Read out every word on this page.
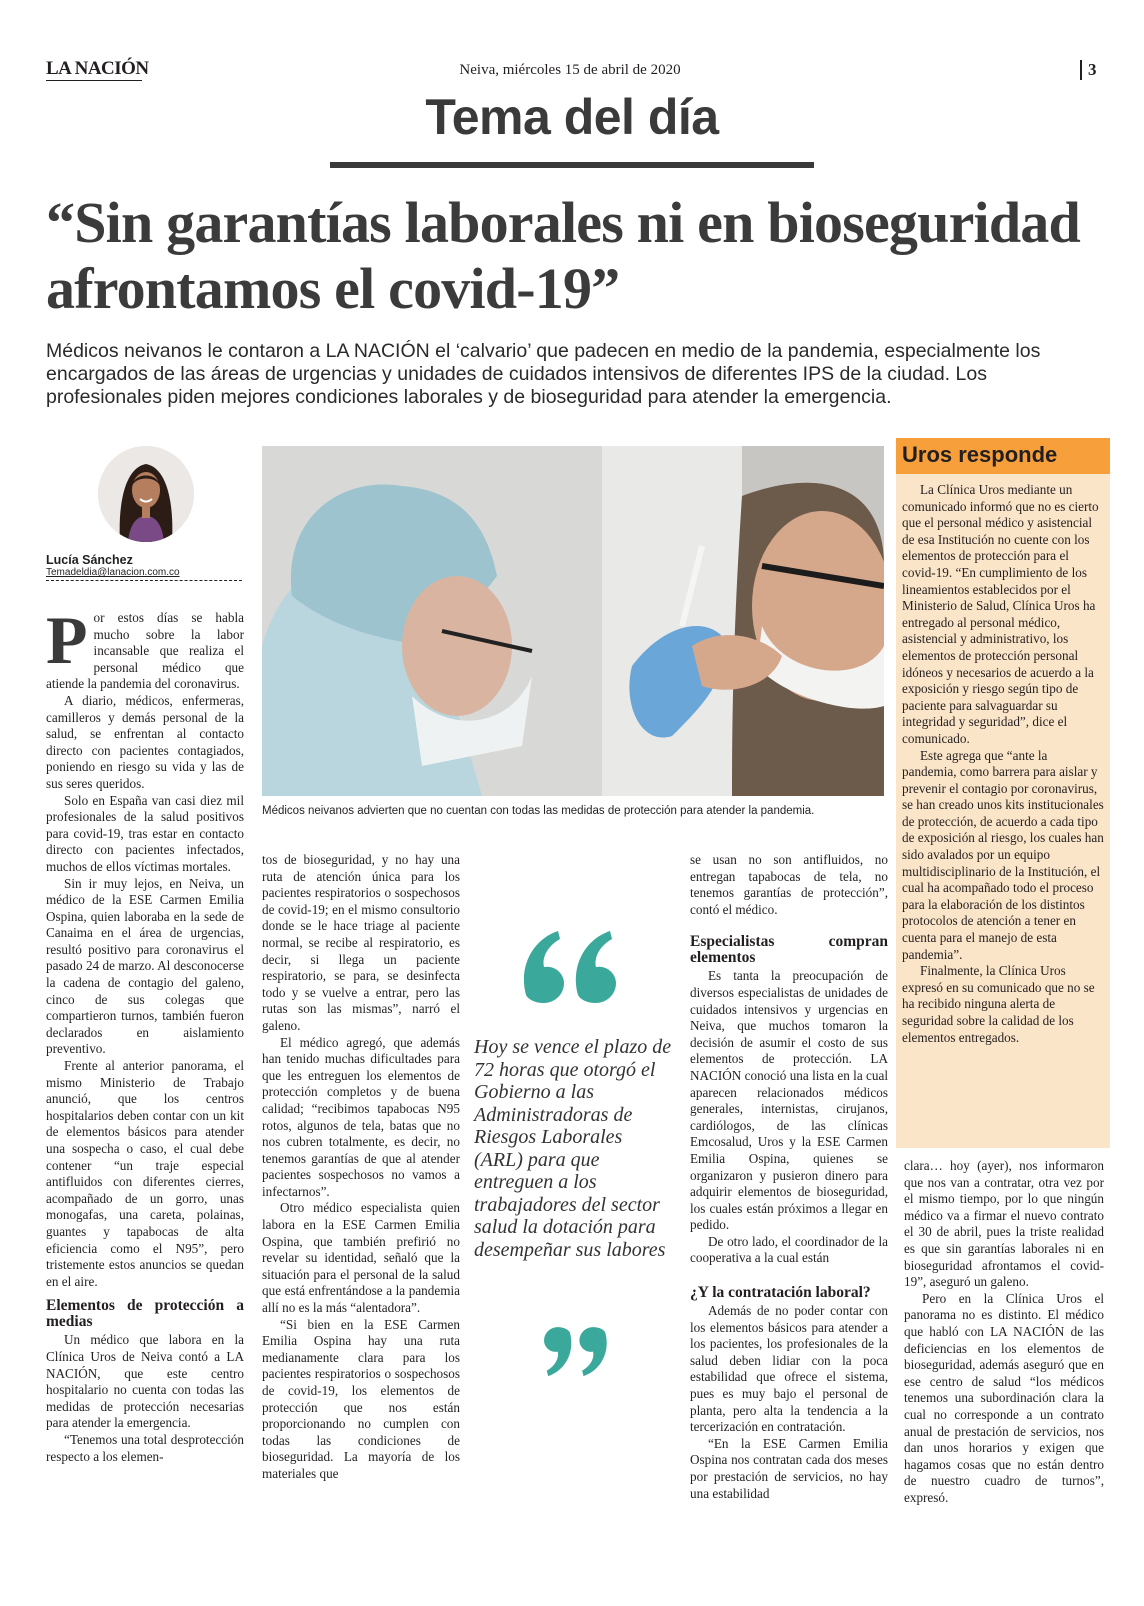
LA NACIÓN	Neiva, miércoles 15 de abril de 2020	3
Tema del día
“Sin garantías laborales ni en bioseguridad afrontamos el covid-19”
Médicos neivanos le contaron a LA NACIÓN el ‘calvario’ que padecen en medio de la pandemia, especialmente los encargados de las áreas de urgencias y unidades de cuidados intensivos de diferentes IPS de la ciudad. Los profesionales piden mejores condiciones laborales y de bioseguridad para atender la emergencia.
Lucía Sánchez
Temadeldia@lanacion.com.co
Médicos neivanos advierten que no cuentan con todas las medidas de protección para atender la pandemia.

Por estos días se habla mucho sobre la labor incansable que realiza el personal médico que atiende la pandemia del coronavirus.

A diario, médicos, enfermeras, camilleros y demás personal de la salud, se enfrentan al contacto directo con pacientes contagiados, poniendo en riesgo su vida y las de sus seres queridos.

Solo en España van casi diez mil profesionales de la salud positivos para covid-19, tras estar en contacto directo con pacientes infectados, muchos de ellos víctimas mortales.

Sin ir muy lejos, en Neiva, un médico de la ESE Carmen Emilia Ospina, quien laboraba en la sede de Canaima en el área de urgencias, resultó positivo para coronavirus el pasado 24 de marzo. Al desconocerse la cadena de contagio del galeno, cinco de sus colegas que compartieron turnos, también fueron declarados en aislamiento preventivo.

Frente al anterior panorama, el mismo Ministerio de Trabajo anunció, que los centros hospitalarios deben contar con un kit de elementos básicos para atender una sospecha o caso, el cual debe contener “un traje especial antifluidos con diferentes cierres, acompañado de un gorro, unas monogafas, una careta, polainas, guantes y tapabocas de alta eficiencia como el N95”, pero tristemente estos anuncios se quedan en el aire.

Elementos de protección a medias

Un médico que labora en la Clínica Uros de Neiva contó a LA NACIÓN, que este centro hospitalario no cuenta con todas las medidas de protección necesarias para atender la emergencia.

“Tenemos una total desprotección respecto a los elemen-

tos de bioseguridad, y no hay una ruta de atención única para los pacientes respiratorios o sospechosos de covid-19; en el mismo consultorio donde se le hace triage al paciente normal, se recibe al respiratorio, es decir, si llega un paciente respiratorio, se para, se desinfecta todo y se vuelve a entrar, pero las rutas son las mismas”, narró el galeno.

El médico agregó, que además han tenido muchas dificultades para que les entreguen los elementos de protección completos y de buena calidad; “recibimos tapabocas N95 rotos, algunos de tela, batas que no nos cubren totalmente, es decir, no tenemos garantías de que al atender pacientes sospechosos no vamos a infectarnos”.

Otro médico especialista quien labora en la ESE Carmen Emilia Ospina, que también prefirió no revelar su identidad, señaló que la situación para el personal de la salud que está enfrentándose a la pandemia allí no es la más “alentadora”.

“Si bien en la ESE Carmen Emilia Ospina hay una ruta medianamente clara para los pacientes respiratorios o sospechosos de covid-19, los elementos de protección que nos están proporcionando no cumplen con todas las condiciones de bioseguridad. La mayoría de los materiales que

Hoy se vence el plazo de 72 horas que otorgó el Gobierno a las Administradoras de Riesgos Laborales (ARL) para que entreguen a los trabajadores del sector salud la dotación para desempeñar sus labores

se usan no son antifluidos, no entregan tapabocas de tela, no tenemos garantías de protección”, contó el médico.

Especialistas compran elementos

Es tanta la preocupación de diversos especialistas de unidades de cuidados intensivos y urgencias en Neiva, que muchos tomaron la decisión de asumir el costo de sus elementos de protección. LA NACIÓN conoció una lista en la cual aparecen relacionados médicos generales, internistas, cirujanos, cardiólogos, de las clínicas Emcosalud, Uros y la ESE Carmen Emilia Ospina, quienes se organizaron y pusieron dinero para adquirir elementos de bioseguridad, los cuales están próximos a llegar en pedido.

De otro lado, el coordinador de la cooperativa a la cual están

¿Y la contratación laboral?

Además de no poder contar con los elementos básicos para atender a los pacientes, los profesionales de la salud deben lidiar con la poca estabilidad que ofrece el sistema, pues es muy bajo el personal de planta, pero alta la tendencia a la tercerización en contratación.

“En la ESE Carmen Emilia Ospina nos contratan cada dos meses por prestación de servicios, no hay una estabilidad

Uros responde

La Clínica Uros mediante un comunicado informó que no es cierto que el personal médico y asistencial de esa Institución no cuente con los elementos de protección para el covid-19. “En cumplimiento de los lineamientos establecidos por el Ministerio de Salud, Clínica Uros ha entregado al personal médico, asistencial y administrativo, los elementos de protección personal idóneos y necesarios de acuerdo a la exposición y riesgo según tipo de paciente para salvaguardar su integridad y seguridad”, dice el comunicado.

Este agrega que “ante la pandemia, como barrera para aislar y prevenir el contagio por coronavirus, se han creado unos kits institucionales de protección, de acuerdo a cada tipo de exposición al riesgo, los cuales han sido avalados por un equipo multidisciplinario de la Institución, el cual ha acompañado todo el proceso para la elaboración de los distintos protocolos de atención a tener en cuenta para el manejo de esta pandemia”.

Finalmente, la Clínica Uros expresó en su comunicado que no se ha recibido ninguna alerta de seguridad sobre la calidad de los elementos entregados.

clara… hoy (ayer), nos informaron que nos van a contratar, otra vez por el mismo tiempo, por lo que ningún médico va a firmar el nuevo contrato el 30 de abril, pues la triste realidad es que sin garantías laborales ni en bioseguridad afrontamos el covid-19”, aseguró un galeno.

Pero en la Clínica Uros el panorama no es distinto. El médico que habló con LA NACIÓN de las deficiencias en los elementos de bioseguridad, además aseguró que en ese centro de salud “los médicos tenemos una subordinación clara la cual no corresponde a un contrato anual de prestación de servicios, nos dan unos horarios y exigen que hagamos cosas que no están dentro de nuestro cuadro de turnos”, expresó.
